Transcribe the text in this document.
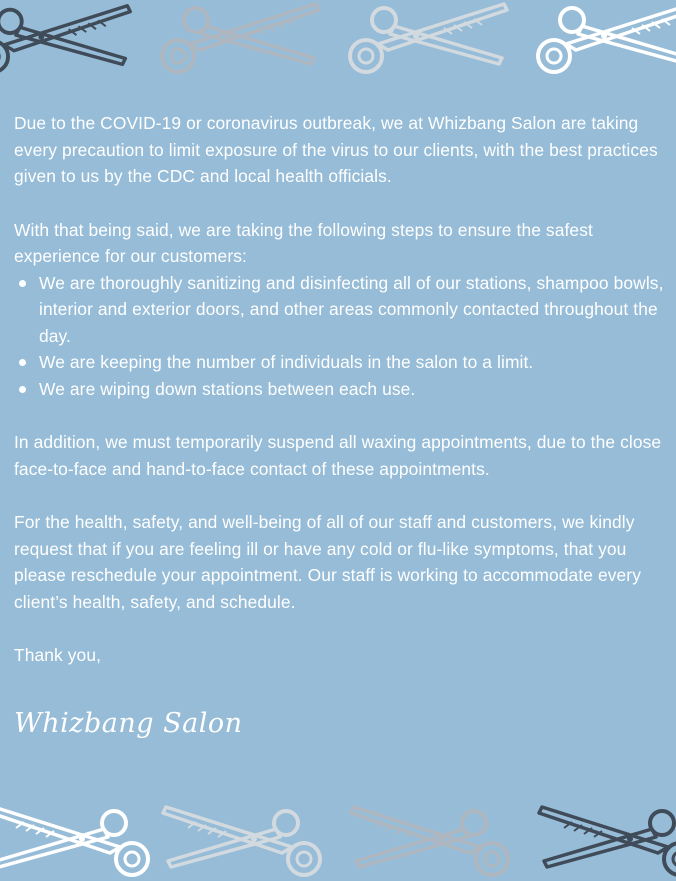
Due to the COVID-19 or coronavirus outbreak, we at Whizbang Salon are taking every precaution to limit exposure of the virus to our clients, with the best practices given to us by the CDC and local health officials.

With that being said, we are taking the following steps to ensure the safest experience for our customers:

We are thoroughly sanitizing and disinfecting all of our stations, shampoo bowls, interior and exterior doors, and other areas commonly contacted throughout the day.
We are keeping the number of individuals in the salon to a limit.
We are wiping down stations between each use.

In addition, we must temporarily suspend all waxing appointments, due to the close face-to-face and hand-to-face contact of these appointments.

For the health, safety, and well-being of all of our staff and customers, we kindly request that if you are feeling ill or have any cold or flu-like symptoms, that you please reschedule your appointment. Our staff is working to accommodate every client’s health, safety, and schedule.

Thank you,

Whizbang Salon
